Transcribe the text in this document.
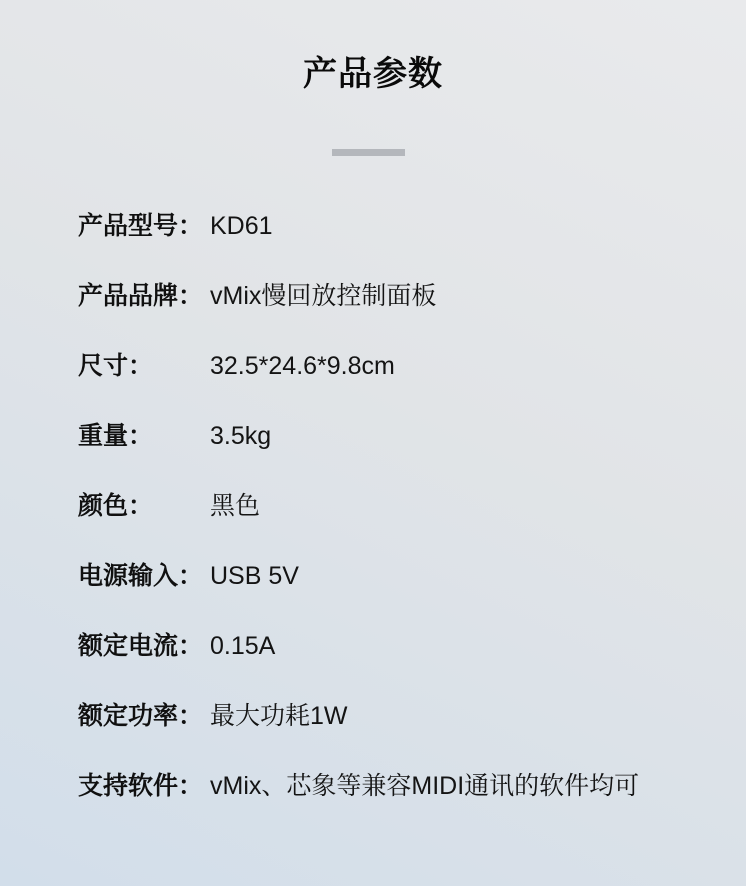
产品参数
产品型号： KD61
产品品牌： vMix慢回放控制面板
尺寸：	32.5*24.6*9.8cm
重量：	3.5kg
颜色：	黑色
电源输入： USB 5V
额定电流： 0.15A
额定功率： 最大功耗1W
支持软件： vMix、芯象等兼容MIDI通讯的软件均可
